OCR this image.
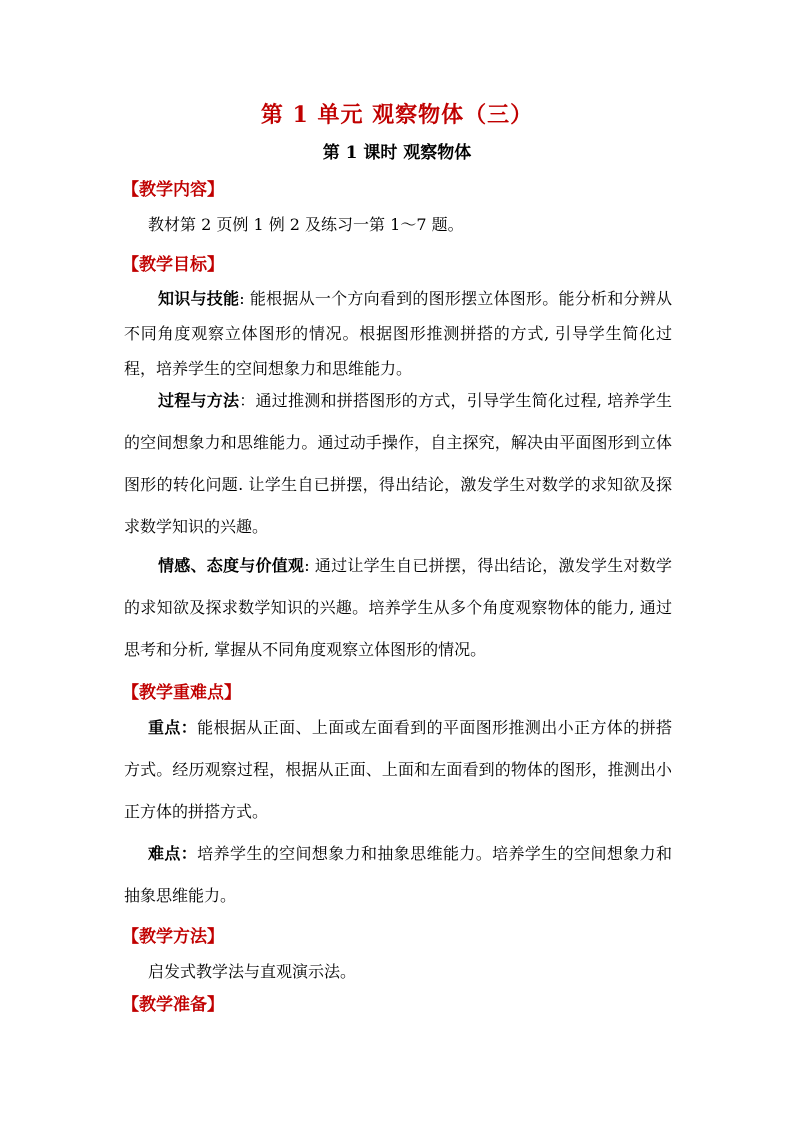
第 1 单元 观察物体（三）
第 1 课时 观察物体
【教学内容】

教材第 2 页例 1 例 2 及练习一第 1～7 题。

【教学目标】

知识与技能: 能根据从一个方向看到的图形摆立体图形。能分析和分辨从不同角度观察立体图形的情况。根据图形推测拼搭的方式, 引导学生简化过程，培养学生的空间想象力和思维能力。

过程与方法：通过推测和拼搭图形的方式，引导学生简化过程, 培养学生的空间想象力和思维能力。通过动手操作，自主探究，解决由平面图形到立体图形的转化问题. 让学生自已拼摆，得出结论，激发学生对数学的求知欲及探求数学知识的兴趣。

情感、态度与价值观: 通过让学生自已拼摆，得出结论，激发学生对数学的求知欲及探求数学知识的兴趣。培养学生从多个角度观察物体的能力, 通过思考和分析, 掌握从不同角度观察立体图形的情况。

【教学重难点】

重点：能根据从正面、上面或左面看到的平面图形推测出小正方体的拼搭方式。经历观察过程，根据从正面、上面和左面看到的物体的图形，推测出小正方体的拼搭方式。

难点：培养学生的空间想象力和抽象思维能力。培养学生的空间想象力和抽象思维能力。

【教学方法】

启发式教学法与直观演示法。

【教学准备】
